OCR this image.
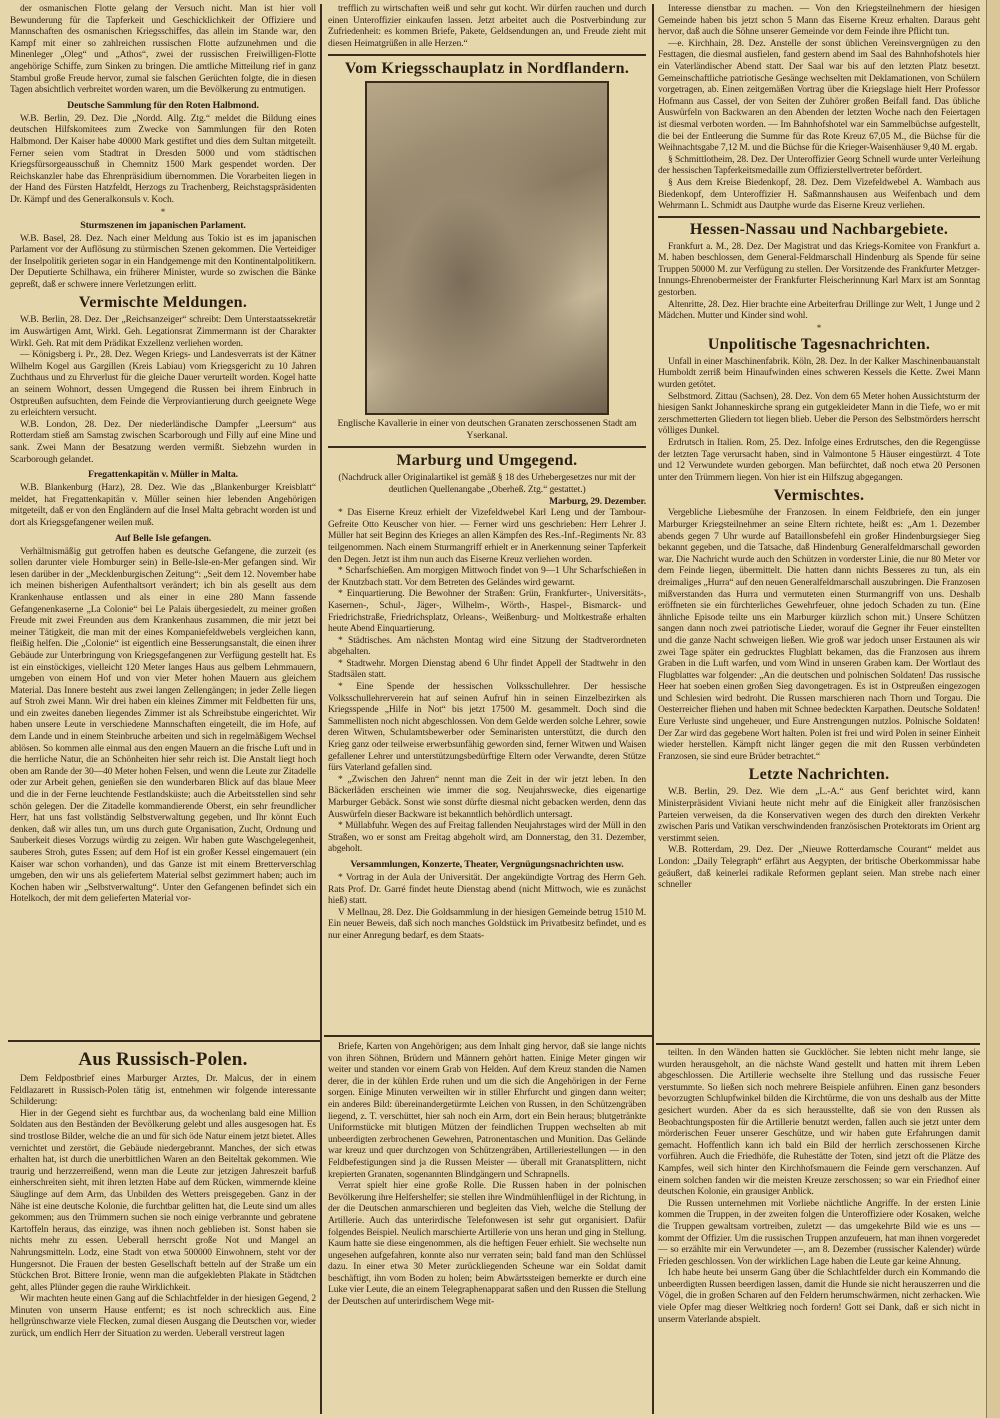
der osmanischen Flotte gelang der Versuch nicht. Man ist hier voll Bewunderung für die Tapferkeit und Geschicklichkeit der Offiziere und Mannschaften des osmanischen Kriegsschiffes, das allein im Stande war, den Kampf mit einer so zahlreichen russischen Flotte aufzunehmen und die Minenleger „Oleg“ und „Athos“, zwei der russischen Freiwilligen-Flotte angehörige Schiffe, zum Sinken zu bringen. Die amtliche Mitteilung rief in ganz Stambul große Freude hervor, zumal sie falschen Gerüchten folgte, die in diesen Tagen absichtlich verbreitet worden waren, um die Bevölkerung zu entmutigen.

Deutsche Sammlung für den Roten Halbmond.

W.B. Berlin, 29. Dez. Die „Nordd. Allg. Ztg.“ meldet die Bildung eines deutschen Hilfskomitees zum Zwecke von Sammlungen für den Roten Halbmond. Der Kaiser habe 40000 Mark gestiftet und dies dem Sultan mitgeteilt. Ferner seien vom Stadtrat in Dresden 5000 und vom städtischen Kriegsfürsorgeausschuß in Chemnitz 1500 Mark gespendet worden. Der Reichskanzler habe das Ehrenpräsidium übernommen. Die Vorarbeiten liegen in der Hand des Fürsten Hatzfeldt, Herzogs zu Trachenberg, Reichstagspräsidenten Dr. Kämpf und des Generalkonsuls v. Koch.

*
Sturmszenen im japanischen Parlament.

W.B. Basel, 28. Dez. Nach einer Meldung aus Tokio ist es im japanischen Parlament vor der Auflösung zu stürmischen Szenen gekommen. Die Verteidiger der Inselpolitik gerieten sogar in ein Handgemenge mit den Kontinentalpolitikern. Der Deputierte Schilhawa, ein früherer Minister, wurde so zwischen die Bänke gepreßt, daß er schwere innere Verletzungen erlitt.

Vermischte Meldungen.

W.B. Berlin, 28. Dez. Der „Reichsanzeiger“ schreibt: Dem Unterstaatssekretär im Auswärtigen Amt, Wirkl. Geh. Legationsrat Zimmermann ist der Charakter Wirkl. Geh. Rat mit dem Prädikat Exzellenz verliehen worden.

— Königsberg i. Pr., 28. Dez. Wegen Kriegs- und Landesverrats ist der Kätner Wilhelm Kogel aus Gargillen (Kreis Labiau) vom Kriegsgericht zu 10 Jahren Zuchthaus und zu Ehrverlust für die gleiche Dauer verurteilt worden. Kogel hatte an seinem Wohnort, dessen Umgegend die Russen bei ihrem Einbruch in Ostpreußen aufsuchten, dem Feinde die Verproviantierung durch geeignete Wege zu erleichtern versucht.

W.B. London, 28. Dez. Der niederländische Dampfer „Leersum“ aus Rotterdam stieß am Samstag zwischen Scarborough und Filly auf eine Mine und sank. Zwei Mann der Besatzung werden vermißt. Siebzehn wurden in Scarborough gelandet.

Fregattenkapitän v. Müller in Malta.

W.B. Blankenburg (Harz), 28. Dez. Wie das „Blankenburger Kreisblatt“ meldet, hat Fregattenkapitän v. Müller seinen hier lebenden Angehörigen mitgeteilt, daß er von den Engländern auf die Insel Malta gebracht worden ist und dort als Kriegsgefangener weilen muß.

Auf Belle Isle gefangen.

Verhältnismäßig gut getroffen haben es deutsche Gefangene, die zurzeit (es sollen darunter viele Homburger sein) in Belle-Isle-en-Mer gefangen sind. Wir lesen darüber in der „Mecklenburgischen Zeitung“: „Seit dem 12. November habe ich meinen bisherigen Aufenthaltsort verändert; ich bin als gesellt aus dem Krankenhause entlassen und als einer in eine 280 Mann fassende Gefangenenkaserne „La Colonie“ bei Le Palais übergesiedelt, zu meiner großen Freude mit zwei Freunden aus dem Krankenhaus zusammen, die mir jetzt bei meiner Tätigkeit, die man mit der eines Kompaniefeldwebels vergleichen kann, fleißig helfen. Die „Colonie“ ist eigentlich eine Besserungsanstalt, die einen ihrer Gebäude zur Unterbringung von Kriegsgefangenen zur Verfügung gestellt hat. Es ist ein einstöckiges, vielleicht 120 Meter langes Haus aus gelbem Lehmmauern, umgeben von einem Hof und von vier Meter hohen Mauern aus gleichem Material. Das Innere besteht aus zwei langen Zellengängen; in jeder Zelle liegen auf Stroh zwei Mann. Wir drei haben ein kleines Zimmer mit Feldbetten für uns, und ein zweites daneben liegendes Zimmer ist als Schreibstube eingerichtet. Wir haben unsere Leute in verschiedene Mannschaften eingeteilt, die im Hofe, auf dem Lande und in einem Steinbruche arbeiten und sich in regelmäßigem Wechsel ablösen. So kommen alle einmal aus den engen Mauern an die frische Luft und in die herrliche Natur, die an Schönheiten hier sehr reich ist. Die Anstalt liegt hoch oben am Rande der 30—40 Meter hohen Felsen, und wenn die Leute zur Zitadelle oder zur Arbeit gehen, genießen sie den wunderbaren Blick auf das blaue Meer und die in der Ferne leuchtende Festlandsküste; auch die Arbeitsstellen sind sehr schön gelegen. Der die Zitadelle kommandierende Oberst, ein sehr freundlicher Herr, hat uns fast vollständig Selbstverwaltung gegeben, und Ihr könnt Euch denken, daß wir alles tun, um uns durch gute Organisation, Zucht, Ordnung und Sauberkeit dieses Vorzugs würdig zu zeigen. Wir haben gute Waschgelegenheit, sauberes Stroh, gutes Essen; auf dem Hof ist ein großer Kessel eingemauert (ein Kaiser war schon vorhanden), und das Ganze ist mit einem Bretterverschlag umgeben, den wir uns als geliefertem Material selbst gezimmert haben; auch im Kochen haben wir „Selbstverwaltung“. Unter den Gefangenen befindet sich ein Hotelkoch, der mit dem gelieferten Material vor-

Aus Russisch-Polen.

Dem Feldpostbrief eines Marburger Arztes, Dr. Malcus, der in einem Feldlazarett in Russisch-Polen tätig ist, entnehmen wir folgende interessante Schilderung:

Hier in der Gegend sieht es furchtbar aus, da wochenlang bald eine Million Soldaten aus den Beständen der Bevölkerung gelebt und alles ausgesogen hat. Es sind trostlose Bilder, welche die an und für sich öde Natur einem jetzt bietet. Alles vernichtet und zerstört, die Gebäude niedergebrannt. Manches, der sich etwas erhalten hat, ist durch die unerbittlichen Waren an den Beiteltak gekommen. Wie traurig und herzzerreißend, wenn man die Leute zur jetzigen Jahreszeit barfuß einherschreiten sieht, mit ihren letzten Habe auf dem Rücken, wimmernde kleine Säuglinge auf dem Arm, das Unbilden des Wetters preisgegeben. Ganz in der Nähe ist eine deutsche Kolonie, die furchtbar gelitten hat, die Leute sind um alles gekommen; aus den Trümmern suchen sie noch einige verbrannte und gebratene Kartoffeln heraus, das einzige, was ihnen noch geblieben ist. Sonst haben sie nichts mehr zu essen. Ueberall herrscht große Not und Mangel an Nahrungsmitteln. Lodz, eine Stadt von etwa 500000 Einwohnern, steht vor der Hungersnot. Die Frauen der besten Gesellschaft betteln auf der Straße um ein Stückchen Brot. Bittere Ironie, wenn man die aufgeklebten Plakate in Städtchen geht, alles Plünder gegen die rauhe Wirklichkeit.

Wir machten heute einen Gang auf die Schlachtfelder in der hiesigen Gegend, 2 Minuten von unserm Hause entfernt; es ist noch schrecklich aus. Eine hellgrünschwarze viele Flecken, zumal diesen Ausgang die Deutschen vor, wieder zurück, um endlich Herr der Situation zu werden. Ueberall verstreut lagen

trefflich zu wirtschaften weiß und sehr gut kocht. Wir dürfen rauchen und durch einen Unteroffizier einkaufen lassen. Jetzt arbeitet auch die Postverbindung zur Zufriedenheit: es kommen Briefe, Pakete, Geldsendungen an, und Freude zieht mit diesen Heimatgrüßen in alle Herzen.“

Vom Kriegsschauplatz in Nordflandern.
Englische Kavallerie in einer von deutschen Granaten zerschossenen Stadt am Yserkanal.
Marburg und Umgegend.

(Nachdruck aller Originalartikel ist gemäß § 18 des Urhebergesetzes nur mit der deutlichen Quellenangabe „Oberheß. Ztg.“ gestattet.)

Marburg, 29. Dezember.

* Das Eiserne Kreuz erhielt der Vizefeldwebel Karl Leng und der Tambour-Gefreite Otto Keuscher von hier. — Ferner wird uns geschrieben: Herr Lehrer J. Müller hat seit Beginn des Krieges an allen Kämpfen des Res.-Inf.-Regiments Nr. 83 teilgenommen. Nach einem Sturmangriff erhielt er in Anerkennung seiner Tapferkeit den Degen. Jetzt ist ihm nun auch das Eiserne Kreuz verliehen worden.

* Scharfschießen. Am morgigen Mittwoch findet von 9—1 Uhr Scharfschießen in der Knutzbach statt. Vor dem Betreten des Geländes wird gewarnt.

* Einquartierung. Die Bewohner der Straßen: Grün, Frankfurter-, Universitäts-, Kasernen-, Schul-, Jäger-, Wilhelm-, Wörth-, Haspel-, Bismarck- und Friedrichstraße, Friedrichsplatz, Orleans-, Weißenburg- und Moltkestraße erhalten heute Abend Einquartierung.

* Städtisches. Am nächsten Montag wird eine Sitzung der Stadtverordneten abgehalten.

* Stadtwehr. Morgen Dienstag abend 6 Uhr findet Appell der Stadtwehr in den Stadtsälen statt.

* Eine Spende der hessischen Volksschullehrer. Der hessische Volksschullehrerverein hat auf seinen Aufruf hin in seinen Einzelbezirken als Kriegsspende „Hilfe in Not“ bis jetzt 17500 M. gesammelt. Doch sind die Sammellisten noch nicht abgeschlossen. Von dem Gelde werden solche Lehrer, sowie deren Witwen, Schulamtsbewerber oder Seminaristen unterstützt, die durch den Krieg ganz oder teilweise erwerbsunfähig geworden sind, ferner Witwen und Waisen gefallener Lehrer und unterstützungsbedürftige Eltern oder Verwandte, deren Stütze fürs Vaterland gefallen sind.

* „Zwischen den Jahren“ nennt man die Zeit in der wir jetzt leben. In den Bäckerläden erscheinen wie immer die sog. Neujahrswecke, dies eigenartige Marburger Gebäck. Sonst wie sonst dürfte diesmal nicht gebacken werden, denn das Auswürfeln dieser Backware ist bekanntlich behördlich untersagt.

* Müllabfuhr. Wegen des auf Freitag fallenden Neujahrstages wird der Müll in den Straßen, wo er sonst am Freitag abgeholt wird, am Donnerstag, den 31. Dezember, abgeholt.

Versammlungen, Konzerte, Theater, Vergnügungsnachrichten usw.

* Vortrag in der Aula der Universität. Der angekündigte Vortrag des Herrn Geh. Rats Prof. Dr. Garré findet heute Dienstag abend (nicht Mittwoch, wie es zunächst hieß) statt.

V Mellnau, 28. Dez. Die Goldsammlung in der hiesigen Gemeinde betrug 1510 M. Ein neuer Beweis, daß sich noch manches Goldstück im Privatbesitz befindet, und es nur einer Anregung bedarf, es dem Staats-

Briefe, Karten von Angehörigen; aus dem Inhalt ging hervor, daß sie lange nichts von ihren Söhnen, Brüdern und Männern gehört hatten. Einige Meter gingen wir weiter und standen vor einem Grab von Helden. Auf dem Kreuz standen die Namen derer, die in der kühlen Erde ruhen und um die sich die Angehörigen in der Ferne sorgen. Einige Minuten verweilten wir in stiller Ehrfurcht und gingen dann weiter; ein anderes Bild: übereinandergetürmte Leichen von Russen, in den Schützengräben liegend, z. T. verschüttet, hier sah noch ein Arm, dort ein Bein heraus; blutgetränkte Uniformstücke mit blutigen Mützen der feindlichen Truppen wechselten ab mit unbeerdigten zerbrochenen Gewehren, Patronentaschen und Munition. Das Gelände war kreuz und quer durchzogen von Schützengräben, Artilleriestellungen — in den Feldbefestigungen sind ja die Russen Meister — überall mit Granatsplittern, nicht krepierten Granaten, sogenannten Blindgängern und Schrapnells.

Verrat spielt hier eine große Rolle. Die Russen haben in der polnischen Bevölkerung ihre Helfershelfer; sie stellen ihre Windmühlenflügel in der Richtung, in der die Deutschen anmarschieren und begleiten das Vieh, welche die Stellung der Artillerie. Auch das unterirdische Telefonwesen ist sehr gut organisiert. Dafür folgendes Beispiel. Neulich marschierte Artillerie von uns heran und ging in Stellung. Kaum hatte sie diese eingenommen, als die heftigen Feuer erhielt. Sie wechselte nun ungesehen aufgefahren, konnte also nur verraten sein; bald fand man den Schlüssel dazu. In einer etwa 30 Meter zurückliegenden Scheune war ein Soldat damit beschäftigt, ihn vom Boden zu holen; beim Abwärtssteigen bemerkte er durch eine Luke vier Leute, die an einem Telegraphenapparat saßen und den Russen die Stellung der Deutschen auf unterirdischem Wege mit-

Interesse dienstbar zu machen. — Von den Kriegsteilnehmern der hiesigen Gemeinde haben bis jetzt schon 5 Mann das Eiserne Kreuz erhalten. Daraus geht hervor, daß auch die Söhne unserer Gemeinde vor dem Feinde ihre Pflicht tun.

—e. Kirchhain, 28. Dez. Anstelle der sonst üblichen Vereinsvergnügen zu den Festtagen, die diesmal ausfielen, fand gestern abend im Saal des Bahnhofshotels hier ein Vaterländischer Abend statt. Der Saal war bis auf den letzten Platz besetzt. Gemeinschaftliche patriotische Gesänge wechselten mit Deklamationen, von Schülern vorgetragen, ab. Einen zeitgemäßen Vortrag über die Kriegslage hielt Herr Professor Hofmann aus Cassel, der von Seiten der Zuhörer großen Beifall fand. Das übliche Auswürfeln von Backwaren an den Abenden der letzten Woche nach den Feiertagen ist diesmal verboten worden. — Im Bahnhofshotel war ein Sammelbüchse aufgestellt, die bei der Entleerung die Summe für das Rote Kreuz 67,05 M., die Büchse für die Weihnachtsgabe 7,12 M. und die Büchse für die Krieger-Waisenhäuser 9,40 M. ergab.

§ Schmittlotheim, 28. Dez. Der Unteroffizier Georg Schnell wurde unter Verleihung der hessischen Tapferkeitsmedaille zum Offizierstellvertreter befördert.

§ Aus dem Kreise Biedenkopf, 28. Dez. Dem Vizefeldwebel A. Wambach aus Biedenkopf, dem Unteroffizier H. Saßmannshausen aus Weifenbach und dem Wehrmann L. Schmidt aus Dautphe wurde das Eiserne Kreuz verliehen.

Hessen-Nassau und Nachbargebiete.

Frankfurt a. M., 28. Dez. Der Magistrat und das Kriegs-Komitee von Frankfurt a. M. haben beschlossen, dem General-Feldmarschall Hindenburg als Spende für seine Truppen 50000 M. zur Verfügung zu stellen. Der Vorsitzende des Frankfurter Metzger-Innungs-Ehrenobermeister der Frankfurter Fleischerinnung Karl Marx ist am Sonntag gestorben.

Altenritte, 28. Dez. Hier brachte eine Arbeiterfrau Drillinge zur Welt, 1 Junge und 2 Mädchen. Mutter und Kinder sind wohl.

*
Unpolitische Tagesnachrichten.

Unfall in einer Maschinenfabrik. Köln, 28. Dez. In der Kalker Maschinenbauanstalt Humboldt zerriß beim Hinaufwinden eines schweren Kessels die Kette. Zwei Mann wurden getötet.

Selbstmord. Zittau (Sachsen), 28. Dez. Von dem 65 Meter hohen Aussichtsturm der hiesigen Sankt Johanneskirche sprang ein gutgekleideter Mann in die Tiefe, wo er mit zerschmetterten Gliedern tot liegen blieb. Ueber die Person des Selbstmörders herrscht völliges Dunkel.

Erdrutsch in Italien. Rom, 25. Dez. Infolge eines Erdrutsches, den die Regengüsse der letzten Tage verursacht haben, sind in Valmontone 5 Häuser eingestürzt. 4 Tote und 12 Verwundete wurden geborgen. Man befürchtet, daß noch etwa 20 Personen unter den Trümmern liegen. Von hier ist ein Hilfszug abgegangen.

Vermischtes.

Vergebliche Liebesmühe der Franzosen. In einem Feldbriefe, den ein junger Marburger Kriegsteilnehmer an seine Eltern richtete, heißt es: „Am 1. Dezember abends gegen 7 Uhr wurde auf Bataillonsbefehl ein großer Hindenburgsieger Sieg bekannt gegeben, und die Tatsache, daß Hindenburg Generalfeldmarschall geworden war. Die Nachricht wurde auch den Schützen in vorderster Linie, die nur 80 Meter vor dem Feinde liegen, übermittelt. Die hatten dann nichts Besseres zu tun, als ein dreimaliges „Hurra“ auf den neuen Generalfeldmarschall auszubringen. Die Franzosen mißverstanden das Hurra und vermuteten einen Sturmangriff von uns. Deshalb eröffneten sie ein fürchterliches Gewehrfeuer, ohne jedoch Schaden zu tun. (Eine ähnliche Episode teilte uns ein Marburger kürzlich schon mit.) Unsere Schützen sangen dann noch zwei patriotische Lieder, worauf die Gegner ihr Feuer einstellten und die ganze Nacht schweigen ließen. Wie groß war jedoch unser Erstaunen als wir zwei Tage später ein gedrucktes Flugblatt bekamen, das die Franzosen aus ihrem Graben in die Luft warfen, und vom Wind in unseren Graben kam. Der Wortlaut des Flugblattes war folgender: „An die deutschen und polnischen Soldaten! Das russische Heer hat soeben einen großen Sieg davongetragen. Es ist in Ostpreußen eingezogen und Schlesien wird bedroht. Die Russen marschieren nach Thorn und Torgau. Die Oesterreicher fliehen und haben mit Schnee bedeckten Karpathen. Deutsche Soldaten! Eure Verluste sind ungeheuer, und Eure Anstrengungen nutzlos. Polnische Soldaten! Der Zar wird das gegebene Wort halten. Polen ist frei und wird Polen in seiner Einheit wieder herstellen. Kämpft nicht länger gegen die mit den Russen verbündeten Franzosen, sie sind eure Brüder betrachtet.“

Letzte Nachrichten.

W.B. Berlin, 29. Dez. Wie dem „L.-A.“ aus Genf berichtet wird, kann Ministerpräsident Viviani heute nicht mehr auf die Einigkeit aller französischen Parteien verweisen, da die Konservativen wegen des durch den direkten Verkehr zwischen Paris und Vatikan verschwindenden französischen Protektorats im Orient arg verstimmt seien.

W.B. Rotterdam, 29. Dez. Der „Nieuwe Rotterdamsche Courant“ meldet aus London: „Daily Telegraph“ erfährt aus Aegypten, der britische Oberkommissar habe geäußert, daß keinerlei radikale Reformen geplant seien. Man strebe nach einer schneller

teilten. In den Wänden hatten sie Gucklöcher. Sie lebten nicht mehr lange, sie wurden herausgeholt, an die nächste Wand gestellt und hatten mit ihrem Leben abgeschlossen. Die Artillerie wechselte ihre Stellung und das russische Feuer verstummte. So ließen sich noch mehrere Beispiele anführen. Einen ganz besonders bevorzugten Schlupfwinkel bilden die Kirchtürme, die von uns deshalb aus der Mitte gesichert wurden. Aber da es sich herausstellte, daß sie von den Russen als Beobachtungsposten für die Artillerie benutzt werden, fallen auch sie jetzt unter dem mörderischen Feuer unserer Geschütze, und wir haben gute Erfahrungen damit gemacht. Hoffentlich kann ich bald ein Bild der herrlich zerschossenen Kirche vorführen. Auch die Friedhöfe, die Ruhestätte der Toten, sind jetzt oft die Plätze des Kampfes, weil sich hinter den Kirchhofsmauern die Feinde gern verschanzen. Auf einem solchen fanden wir die meisten Kreuze zerschossen; so war ein Friedhof einer deutschen Kolonie, ein grausiger Anblick.

Die Russen unternehmen mit Vorliebe nächtliche Angriffe. In der ersten Linie kommen die Truppen, in der zweiten folgen die Unteroffiziere oder Kosaken, welche die Truppen gewaltsam vortreiben, zuletzt — das umgekehrte Bild wie es uns — kommt der Offizier. Um die russischen Truppen anzufeuern, hat man ihnen vorgeredet — so erzählte mir ein Verwundeter —, am 8. Dezember (russischer Kalender) würde Frieden geschlossen. Von der wirklichen Lage haben die Leute gar keine Ahnung.

Ich habe heute bei unserm Gang über die Schlachtfelder durch ein Kommando die unbeerdigten Russen beerdigen lassen, damit die Hunde sie nicht herauszerren und die Vögel, die in großen Scharen auf den Feldern herumschwärmen, nicht zerhacken. Wie viele Opfer mag dieser Weltkrieg noch fordern! Gott sei Dank, daß er sich nicht in unserm Vaterlande abspielt.
